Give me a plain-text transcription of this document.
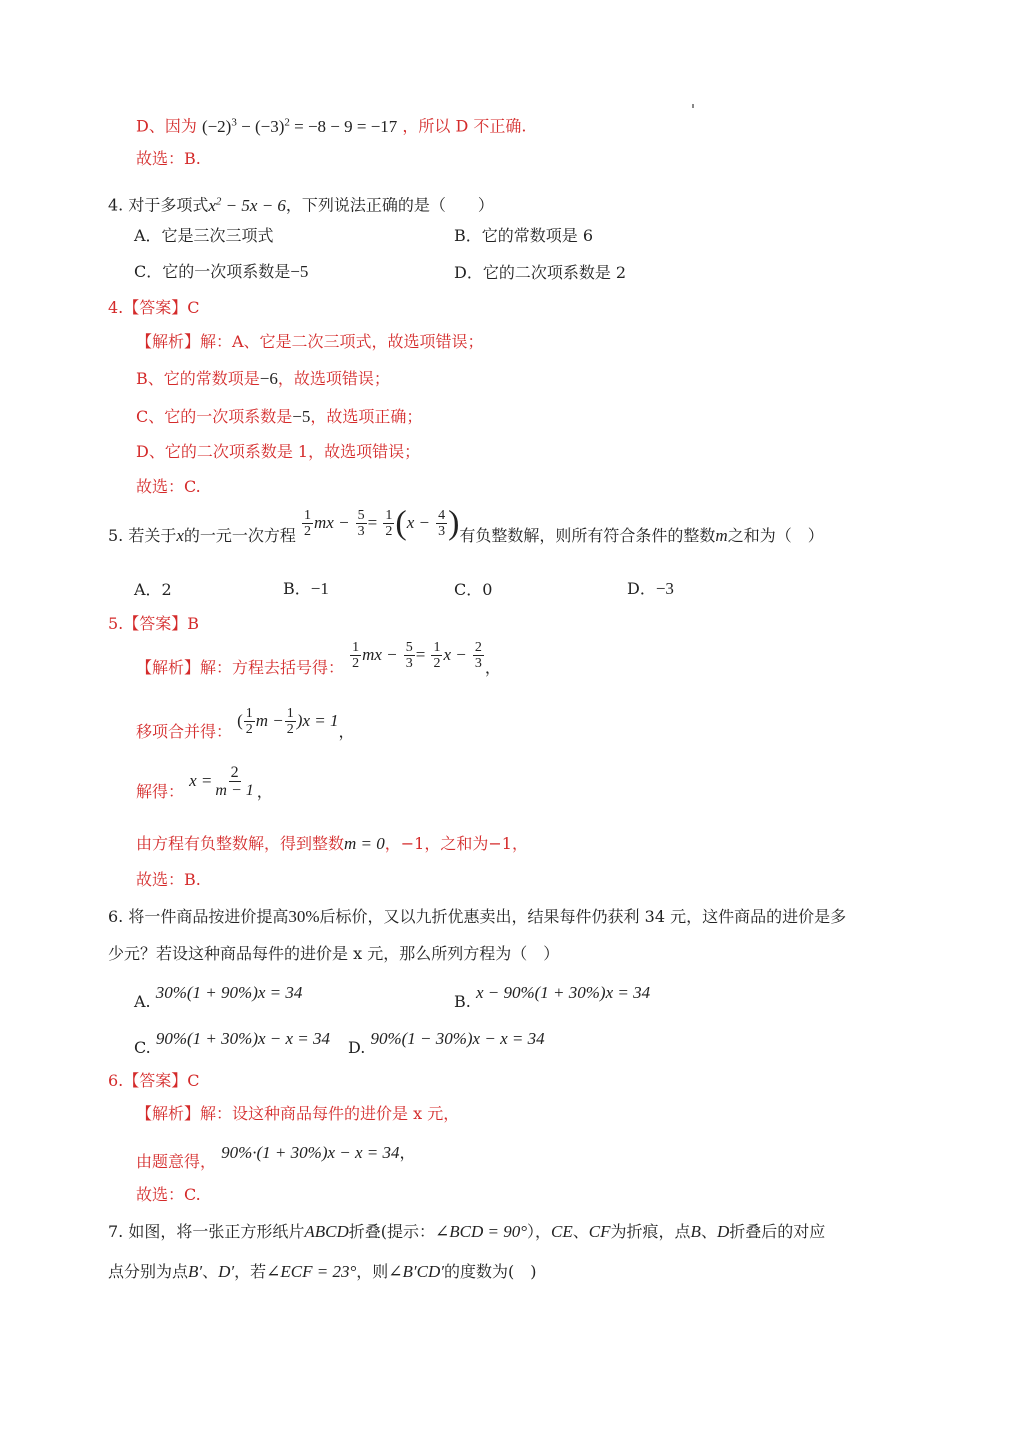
D、因为 $(-2)^3 - (-3)^2 = -8 - 9 = -17$ ，所以 D 不正确.
故选：B.
4. 对于多项式$x^2 - 5x - 6$，下列说法正确的是（　　）
A．它是三次三项式	B．它的常数项是 6
C．它的一次项系数是−5	D．它的二次项系数是 2
4.【答案】C
【解析】解：A、它是二次三项式，故选项错误；
B、它的常数项是−6，故选项错误；
C、它的一次项系数是−5，故选项正确；
D、它的二次项系数是 1，故选项错误；
故选：C.
5. 若关于x的一元一次方程 $\frac{1}{2}$ mx − $\frac{5}{3} = \frac{1}{2} (x - \frac{4}{3}$ )有负整数解，则所有符合条件的整数m之和为（　）
A．2	B．−1	C．0	D．−3
5.【答案】B
【解析】解：方程去括号得： $\frac{1}{2}$ mx − $\frac{5}{3} = \frac{1}{2}$ $x - \frac{2}{3}$ ，
移项合并得： ( $\frac{1}{2}$ $m - \frac{1}{2} )x = 1$，
解得： $x = \frac{2}{m - 1}$ ，
由方程有负整数解，得到整数m = 0，−1，之和为−1，
故选：B.
6. 将一件商品按进价提高30%后标价，又以九折优惠卖出，结果每件仍获利 34 元，这件商品的进价是多
少元？若设这种商品每件的进价是 x 元，那么所列方程为（　）
A. 30%(1 + 90%)x = 34	B. x − 90%(1 + 30%)x = 34
C. 90%(1 + 30%)x − x = 34 D. 90%(1 − 30%)x − x = 34
6.【答案】C
【解析】解：设这种商品每件的进价是 x 元，
由题意得， 90%·(1 + 30%)x − x = 34，
故选：C.
7. 如图，将一张正方形纸片ABCD折叠(提示：∠BCD = 90°），CE、CF为折痕，点B、D折叠后的对应
点分别为点B′、D′，若∠ECF = 23°，则∠B′CD′的度数为(　)
